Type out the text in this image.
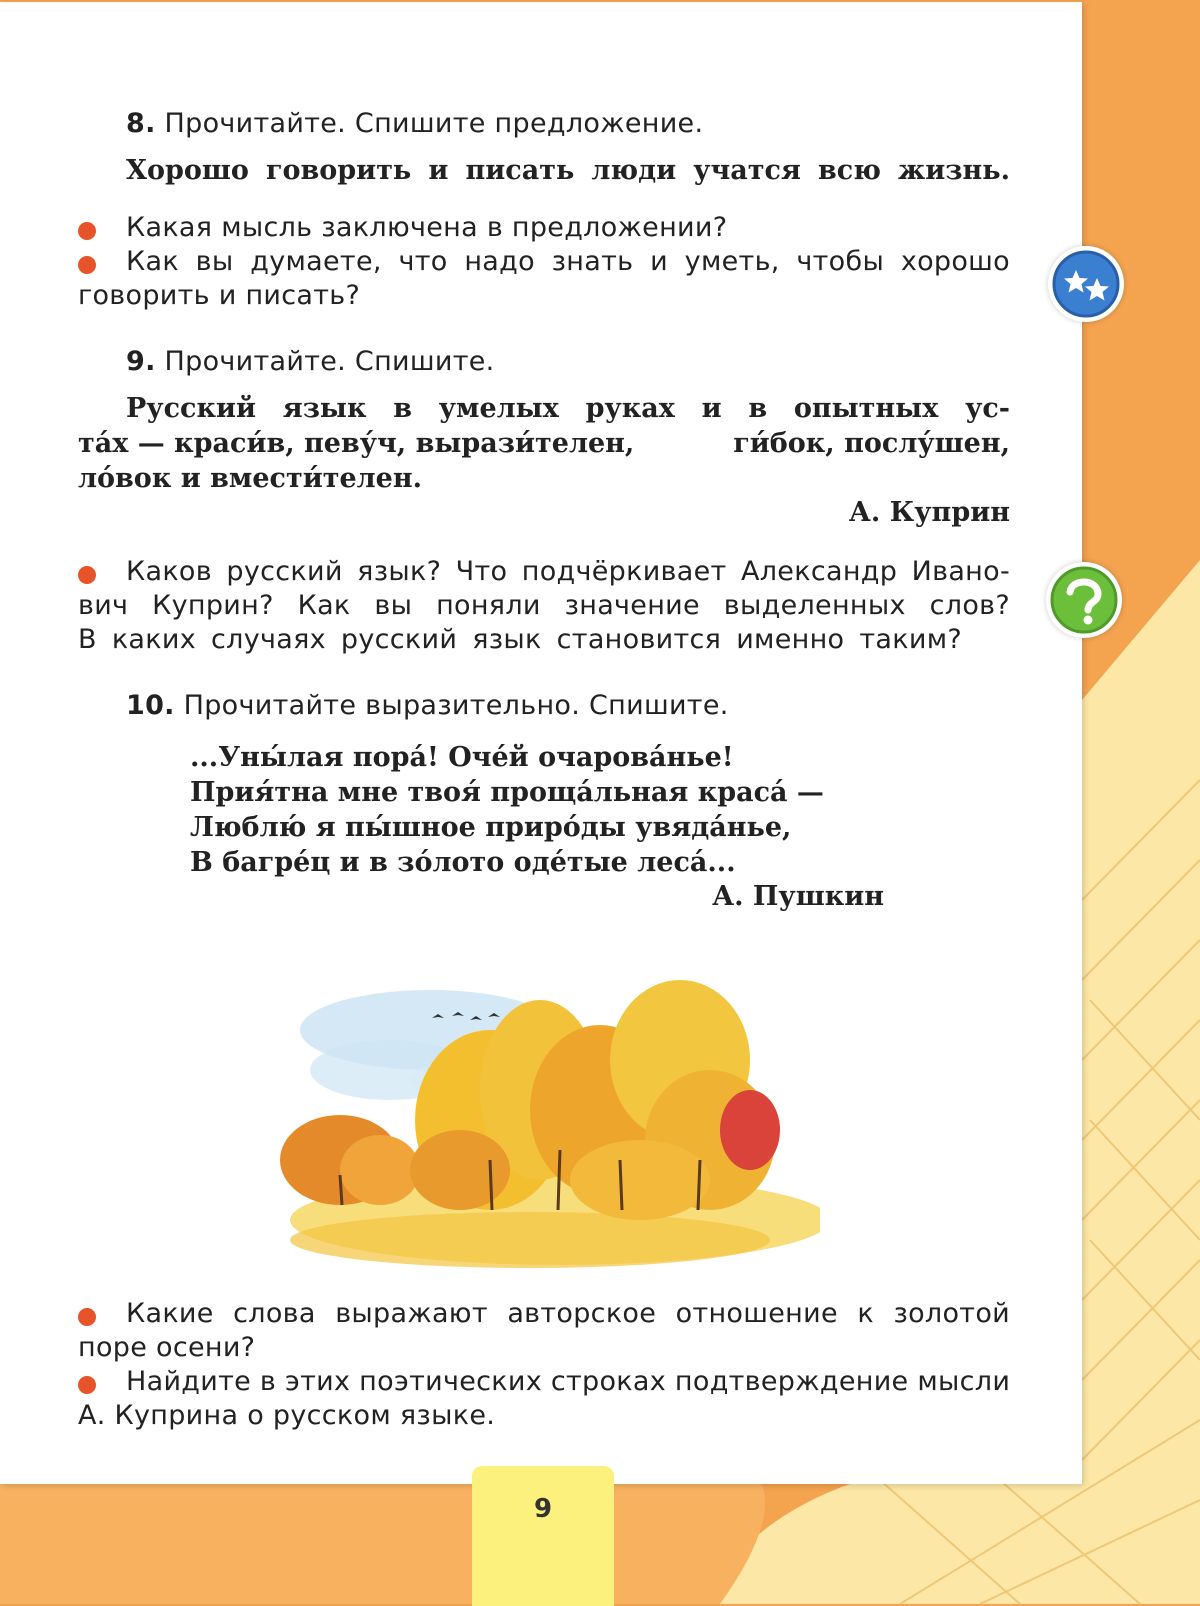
8. Прочитайте. Спишите предложение.
Хорошо говорить и писать люди учатся всю жизнь.
Какая мысль заключена в предложении?
Как вы думаете, что надо знать и уметь, чтобы хорошо
говорить и писать?
9. Прочитайте. Спишите.
Русский язык в умелых руках и в опытных ус-
та́х — краси́в, певу́ч, вырази́телен,	ги́бок, послу́шен,
ло́вок и вмести́телен.
А. Куприн
Каков русский язык? Что подчёркивает Александр Ивано-
вич Куприн? Как вы поняли значение выделенных слов?
В каких случаях русский язык становится именно таким?
10. Прочитайте выразительно. Спишите.
...Уны́лая пора́! Оче́й очарова́нье!
Прия́тна мне твоя́ проща́льная краса́ —
Люблю́ я пы́шное приро́ды увяда́нье,
В багре́ц и в зо́лото оде́тые леса́...
А. Пушкин
Какие слова выражают авторское отношение к золотой
поре осени?
Найдите в этих поэтических строках подтверждение мысли
А. Куприна о русском языке.
9
